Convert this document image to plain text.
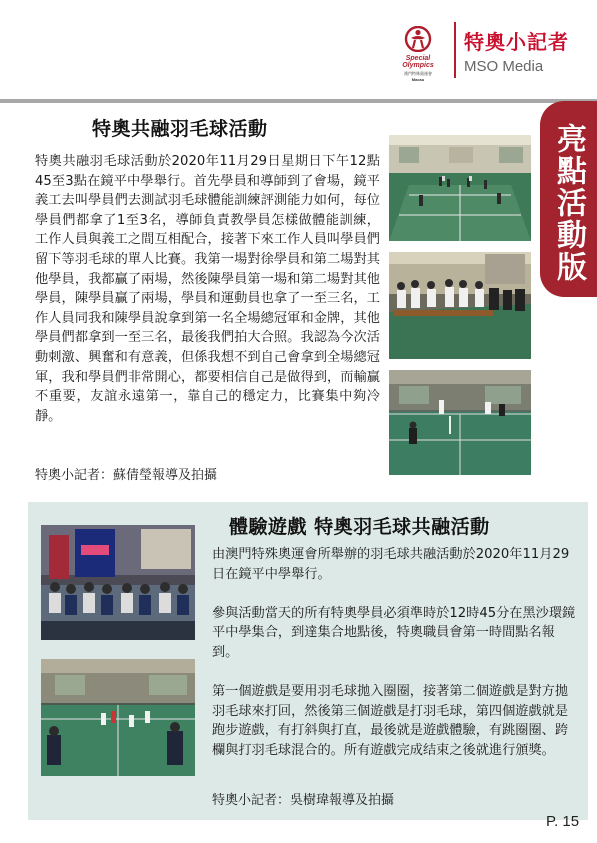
Special
Olympics
澳門特殊奧運會
Macau
特奧小記者
MSO Media
亮點活動版
特奧共融羽毛球活動
特奧共融羽毛球活動於2020年11月29日星期日下午12點45至3點在鏡平中學舉行。首先學員和導師到了會場，鏡平義工去叫學員們去測試羽毛球體能訓練評測能力如何，每位學員們都拿了1至3名，導師負責教學員怎樣做體能訓練，工作人員與義工之間互相配合，接著下來工作人員叫學員們留下等羽毛球的單人比賽。我第一場對徐學員和第二場對其他學員，我都贏了兩場，然後陳學員第一場和第二場對其他學員，陳學員贏了兩場，學員和運動員也拿了一至三名，工作人員同我和陳學員說拿到第一名全場總冠軍和金牌，其他學員們都拿到一至三名，最後我們拍大合照。我認為今次活動刺激、興奮和有意義，但係我想不到自己會拿到全場總冠軍，我和學員們非常開心，都要相信自己是做得到，而輸贏不重要，友誼永遠第一，靠自己的穩定力，比賽集中夠冷靜。
特奧小記者：蘇倩瑩報導及拍攝
體驗遊戲 特奧羽毛球共融活動

由澳門特殊奧運會所舉辦的羽毛球共融活動於2020年11月29日在鏡平中學舉行。

參與活動當天的所有特奧學員必須準時於12時45分在黑沙環鏡平中學集合，到達集合地點後，特奧職員會第一時間點名報到。

第一個遊戲是要用羽毛球拋入圈圈，接著第二個遊戲是對方拋羽毛球來打回，然後第三個遊戲是打羽毛球，第四個遊戲就是跑步遊戲，有打斜與打直，最後就是遊戲體驗，有跳圈圈、跨欄與打羽毛球混合的。所有遊戲完成结束之後就進行頒獎。

特奧小記者：吳樹瑋報導及拍攝
P. 15
